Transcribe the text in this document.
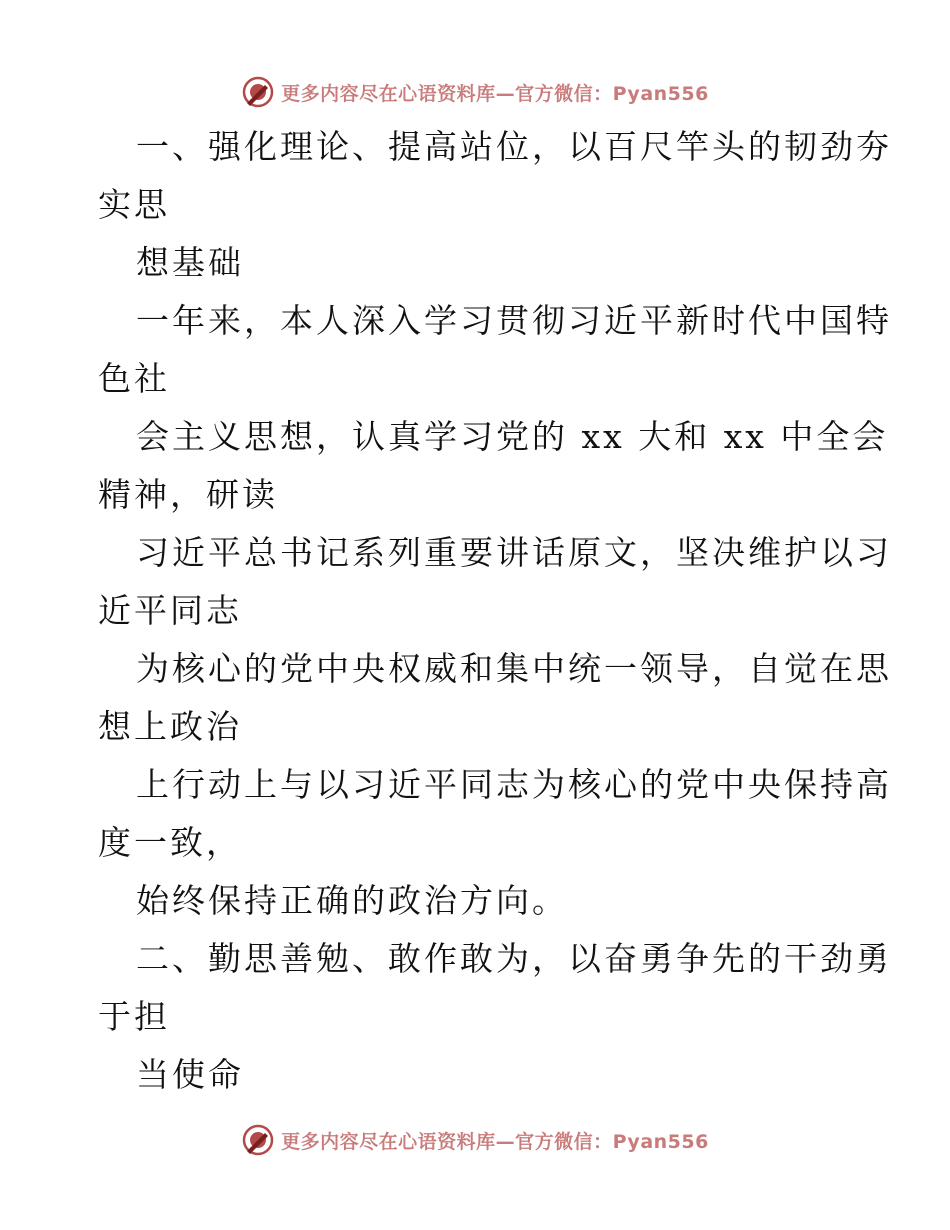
更多内容尽在心语资料库—官方微信：Pyan556
一、强化理论、提高站位，以百尺竿头的韧劲夯
实思
想基础
一年来，本人深入学习贯彻习近平新时代中国特
色社
会主义思想，认真学习党的 xx 大和 xx 中全会
精神，研读
习近平总书记系列重要讲话原文，坚决维护以习
近平同志
为核心的党中央权威和集中统一领导，自觉在思
想上政治
上行动上与以习近平同志为核心的党中央保持高
度一致，
始终保持正确的政治方向。
二、勤思善勉、敢作敢为，以奋勇争先的干劲勇
于担
当使命
更多内容尽在心语资料库—官方微信：Pyan556
